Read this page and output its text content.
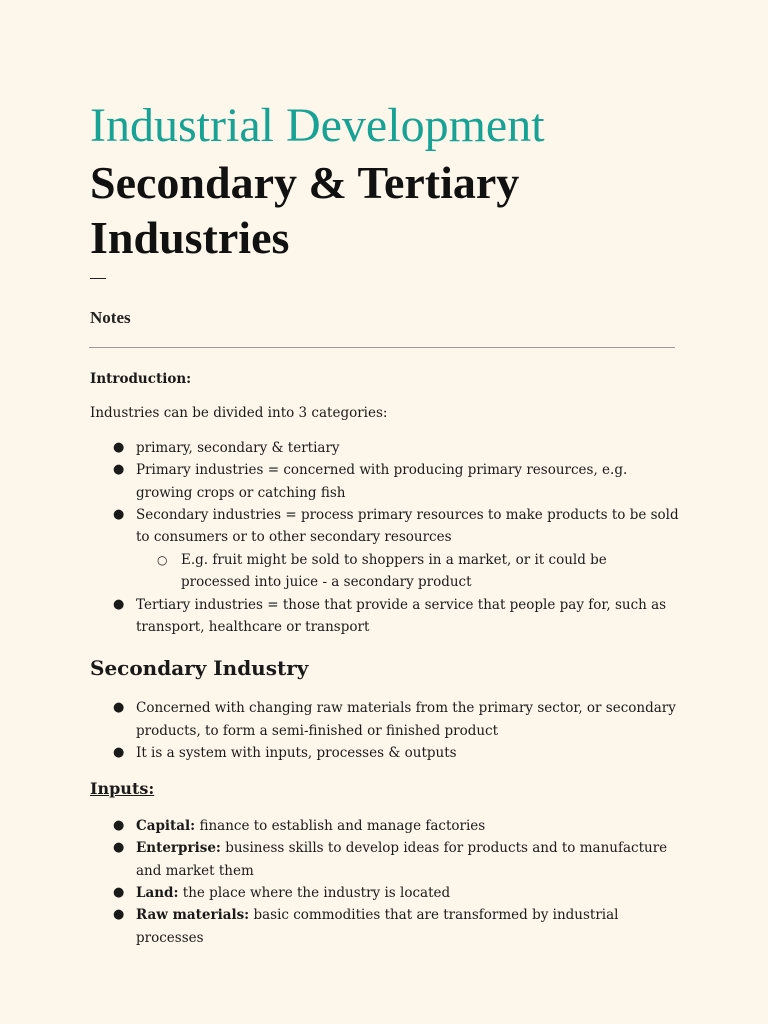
Industrial Development
Secondary & Tertiary Industries
Notes

Introduction:

Industries can be divided into 3 categories:

● primary, secondary & tertiary
● Primary industries = concerned with producing primary resources, e.g. growing crops or catching fish
● Secondary industries = process primary resources to make products to be sold to consumers or to other secondary resources
○ E.g. fruit might be sold to shoppers in a market, or it could be processed into juice - a secondary product
● Tertiary industries = those that provide a service that people pay for, such as transport, healthcare or transport

Secondary Industry

● Concerned with changing raw materials from the primary sector, or secondary products, to form a semi-finished or finished product
● It is a system with inputs, processes & outputs

Inputs:

● Capital: finance to establish and manage factories
● Enterprise: business skills to develop ideas for products and to manufacture and market them
● Land: the place where the industry is located
● Raw materials: basic commodities that are transformed by industrial processes
